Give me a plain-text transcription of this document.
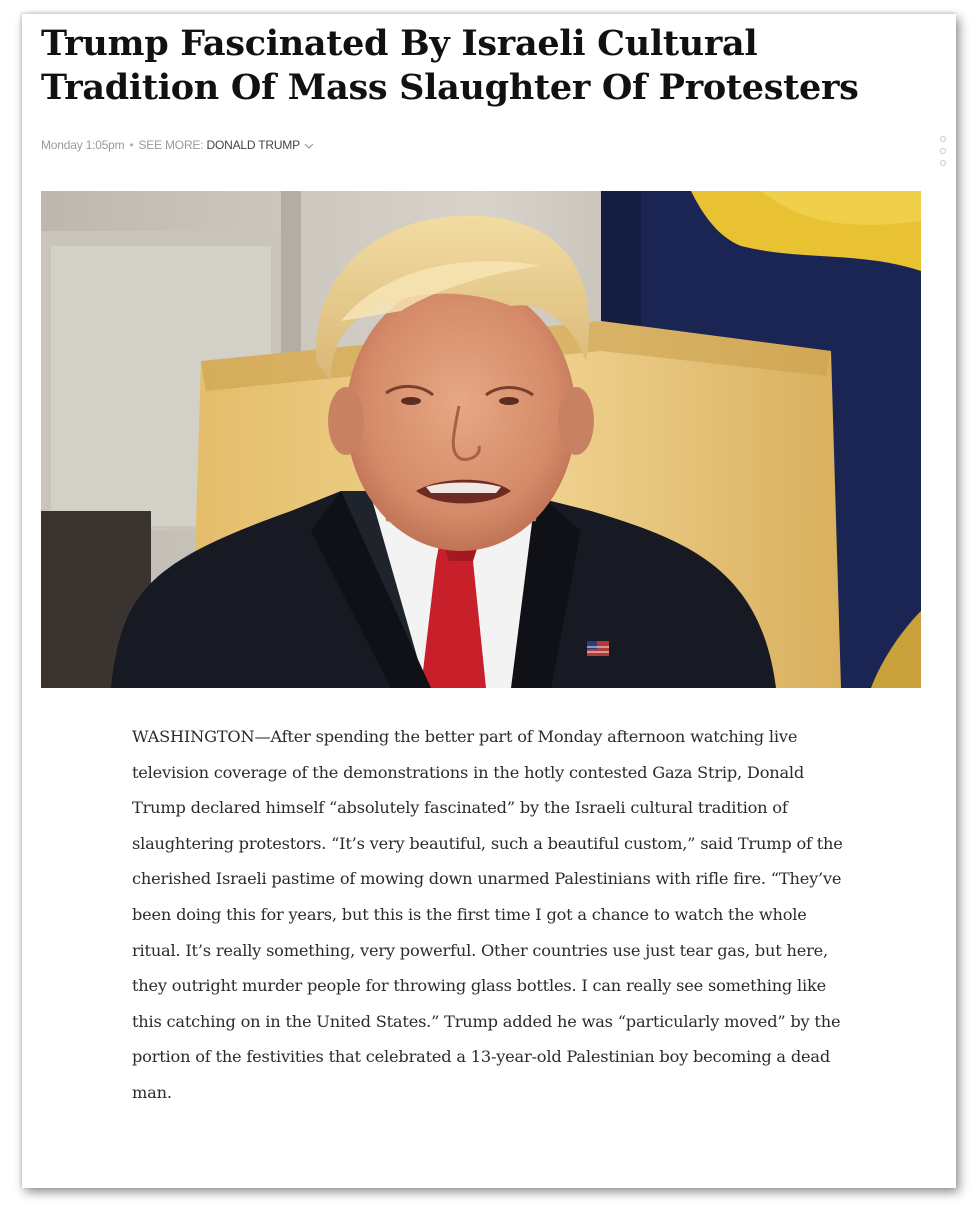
Trump Fascinated By Israeli Cultural Tradition Of Mass Slaughter Of Protesters
Monday 1:05pm • SEE MORE: DONALD TRUMP

WASHINGTON—After spending the better part of Monday afternoon watching live television coverage of the demonstrations in the hotly contested Gaza Strip, Donald Trump declared himself “absolutely fascinated” by the Israeli cultural tradition of slaughtering protestors. “It’s very beautiful, such a beautiful custom,” said Trump of the cherished Israeli pastime of mowing down unarmed Palestinians with rifle fire. “They’ve been doing this for years, but this is the first time I got a chance to watch the whole ritual. It’s really something, very powerful. Other countries use just tear gas, but here, they outright murder people for throwing glass bottles. I can really see something like this catching on in the United States.” Trump added he was “particularly moved” by the portion of the festivities that celebrated a 13-year-old Palestinian boy becoming a dead man.
